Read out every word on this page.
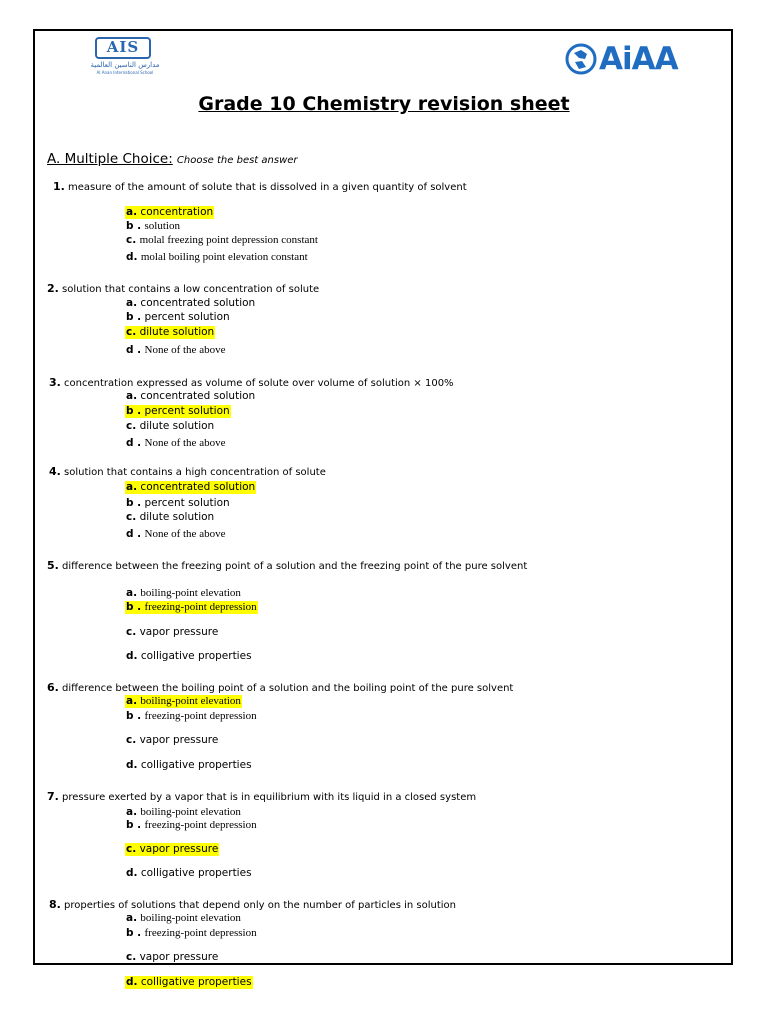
AIS
مدارس الناسين العالمية
Al Anan International School	AiAA
Grade 10 Chemistry revision sheet
A. Multiple Choice: Choose the best answer
1. measure of the amount of solute that is dissolved in a given quantity of solvent
a. concentration
b . solution
c. molal freezing point depression constant
d. molal boiling point elevation constant
2. solution that contains a low concentration of solute
a. concentrated solution
b . percent solution
c. dilute solution
d . None of the above
3. concentration expressed as volume of solute over volume of solution × 100%
a. concentrated solution
b . percent solution
c. dilute solution
d . None of the above
4. solution that contains a high concentration of solute
a. concentrated solution
b . percent solution
c. dilute solution
d . None of the above
5. difference between the freezing point of a solution and the freezing point of the pure solvent
a. boiling-point elevation
b . freezing-point depression
c. vapor pressure
d. colligative properties
6. difference between the boiling point of a solution and the boiling point of the pure solvent
a. boiling-point elevation
b . freezing-point depression
c. vapor pressure
d. colligative properties
7. pressure exerted by a vapor that is in equilibrium with its liquid in a closed system
a. boiling-point elevation
b . freezing-point depression
c. vapor pressure
d. colligative properties
8. properties of solutions that depend only on the number of particles in solution
a. boiling-point elevation
b . freezing-point depression
c. vapor pressure
d. colligative properties
